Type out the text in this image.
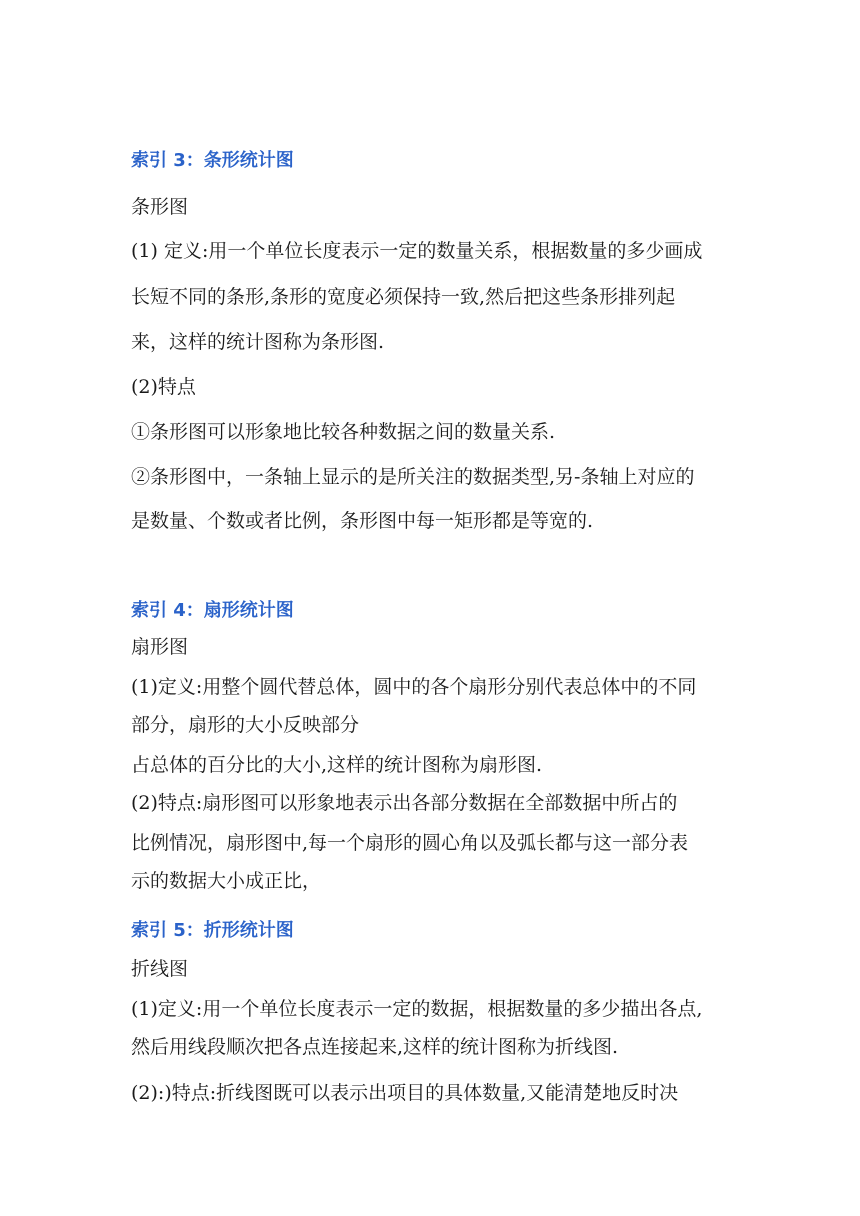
索引 3：条形统计图
条形图
(1) 定义:用一个单位长度表示一定的数量关系，根据数量的多少画成
长短不同的条形,条形的宽度必须保持一致,然后把这些条形排列起
来，这样的统计图称为条形图.
(2)特点
①条形图可以形象地比较各种数据之间的数量关系.
②条形图中，一条轴上显示的是所关注的数据类型,另-条轴上对应的
是数量、个数或者比例，条形图中每一矩形都是等宽的.
索引 4：扇形统计图
扇形图
(1)定义:用整个圆代替总体，圆中的各个扇形分别代表总体中的不同
部分，扇形的大小反映部分
占总体的百分比的大小,这样的统计图称为扇形图.
(2)特点:扇形图可以形象地表示出各部分数据在全部数据中所占的
比例情况，扇形图中,每一个扇形的圆心角以及弧长都与这一部分表
示的数据大小成正比，
索引 5：折形统计图
折线图
(1)定义:用一个单位长度表示一定的数据，根据数量的多少描出各点,
然后用线段顺次把各点连接起来,这样的统计图称为折线图.
(2):)特点:折线图既可以表示出项目的具体数量,又能清楚地反时决
